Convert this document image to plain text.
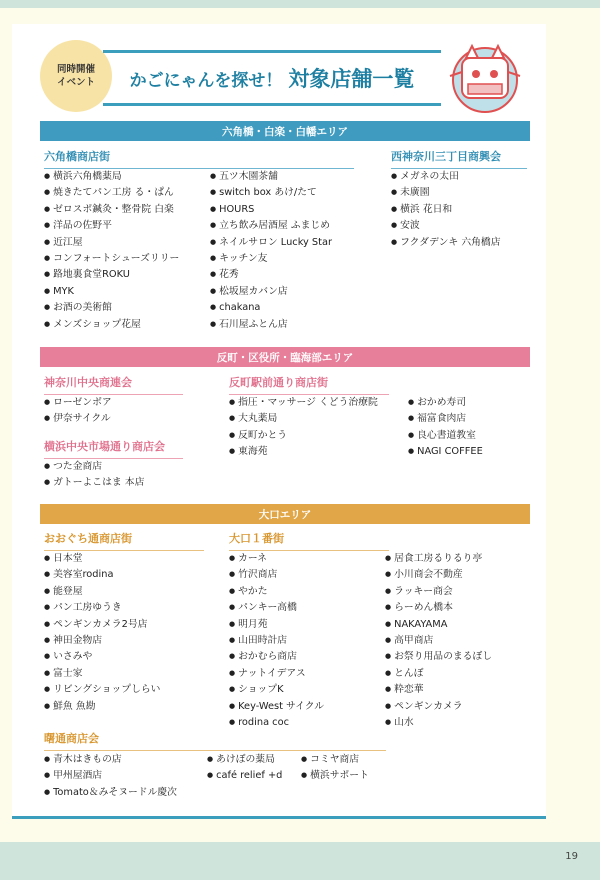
同時開催
イベント かごにゃんを探せ！ 対象店舗一覧
六角橋・白楽・白幡エリア
六角橋商店街
● 横浜六角橋薬局
● 焼きたてパン工房 る・ぱん
● ゼロスポ鍼灸・整骨院 白楽
● 洋品の佐野平
● 近江屋
● コンフォートシューズリリー
● 路地裏食堂ROKU
● MYK
● お酒の美術館
● メンズショップ花屋
● 五ツ木園茶舗
● switch box あけ/たて
● HOURS
● 立ち飲み居酒屋 ふまじめ
● ネイルサロン Lucky Star
● キッチン友
● 花秀
● 松坂屋カバン店
● chakana
● 石川屋ふとん店
西神奈川三丁目商興会
● メガネの太田
● 未廣園
● 横浜 花日和
● 安波
● フクダデンキ 六角橋店
反町・区役所・臨海部エリア
神奈川中央商連会
● ローゼンボア
● 伊奈サイクル
横浜中央市場通り商店会
● つた金商店
● ガトーよこはま 本店
反町駅前通り商店街
● 指圧・マッサージ くどう治療院
● 大丸薬局
● 反町かとう
● 東海苑
● おかめ寿司
● 福富食肉店
● 良心書道教室
● NAGI COFFEE
大口エリア
おおぐち通商店街
● 日本堂
● 美容室rodina
● 能登屋
● パン工房ゆうき
● ペンギンカメラ2号店
● 神田金物店
● いさみや
● 富士家
● リビングショップしらい
● 鮮魚 魚勘
大口１番街
● カーネ
● 竹沢商店
● やかた
● パンキー高橋
● 明月苑
● 山田時計店
● おかむら商店
● ナットイデアス
● ショップK
● Key-West サイクル
● rodina coc
● 居食工房るりるり亭
● 小川商会不動産
● ラッキー商会
● らーめん橋本
● NAKAYAMA
● 高甲商店
● お祭り用品のまるぼし
● とんぼ
● 粋恋華
● ペンギンカメラ
● 山水
曙通商店会
● 青木はきもの店
● 甲州屋酒店
● Tomato＆みそヌードル慶次
● あけぼの薬局
● café relief +d
● コミヤ商店
● 横浜サポート
19
